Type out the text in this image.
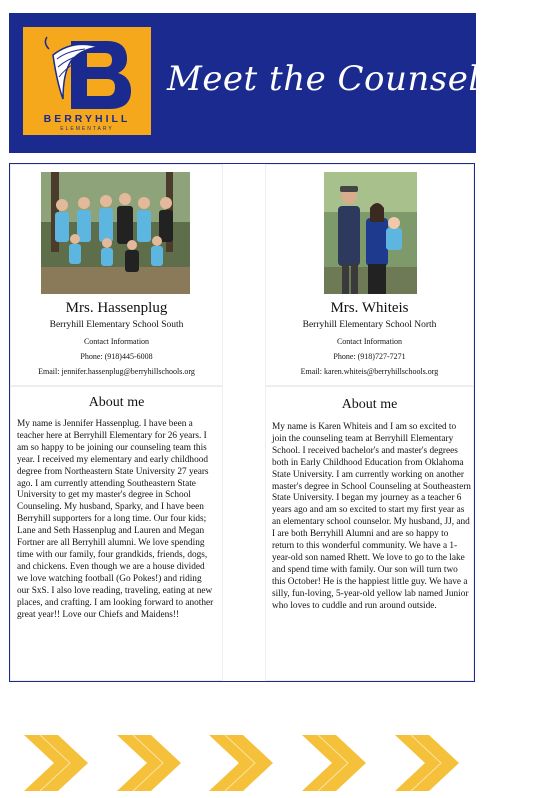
BERRYHILL
ELEMENTARY
Meet the Counselors
Mrs. Hassenplug
Berryhill Elementary School South
Contact Information
Phone: (918)445-6008
Email: jennifer.hassenplug@berryhillschools.org
About me
My name is Jennifer Hassenplug. I have been a teacher here at Berryhill Elementary for 26 years. I am so happy to be joining our counseling team this year. I received my elementary and early childhood degree from Northeastern State University 27 years ago. I am currently attending Southeastern State University to get my master's degree in School Counseling. My husband, Sparky, and I have been Berryhill supporters for a long time. Our four kids; Lane and Seth Hassenplug and Lauren and Megan Fortner are all Berryhill alumni. We love spending time with our family, four grandkids, friends, dogs, and chickens. Even though we are a house divided we love watching football (Go Pokes!) and riding our SxS. I also love reading, traveling, eating at new places, and crafting. I am looking forward to another great year!! Love our Chiefs and Maidens!!
Mrs. Whiteis
Berryhill Elementary School North
Contact Information
Phone: (918)727-7271
Email: karen.whiteis@berryhillschools.org
About me
My name is Karen Whiteis and I am so excited to join the counseling team at Berryhill Elementary School. I received bachelor's and master's degrees both in Early Childhood Education from Oklahoma State University. I am currently working on another master's degree in School Counseling at Southeastern State University. I began my journey as a teacher 6 years ago and am so excited to start my first year as an elementary school counselor. My husband, JJ, and I are both Berryhill Alumni and are so happy to return to this wonderful community. We have a 1-year-old son named Rhett. We love to go to the lake and spend time with family. Our son will turn two this October! He is the happiest little guy. We have a silly, fun-loving, 5-year-old yellow lab named Junior who loves to cuddle and run around outside.
